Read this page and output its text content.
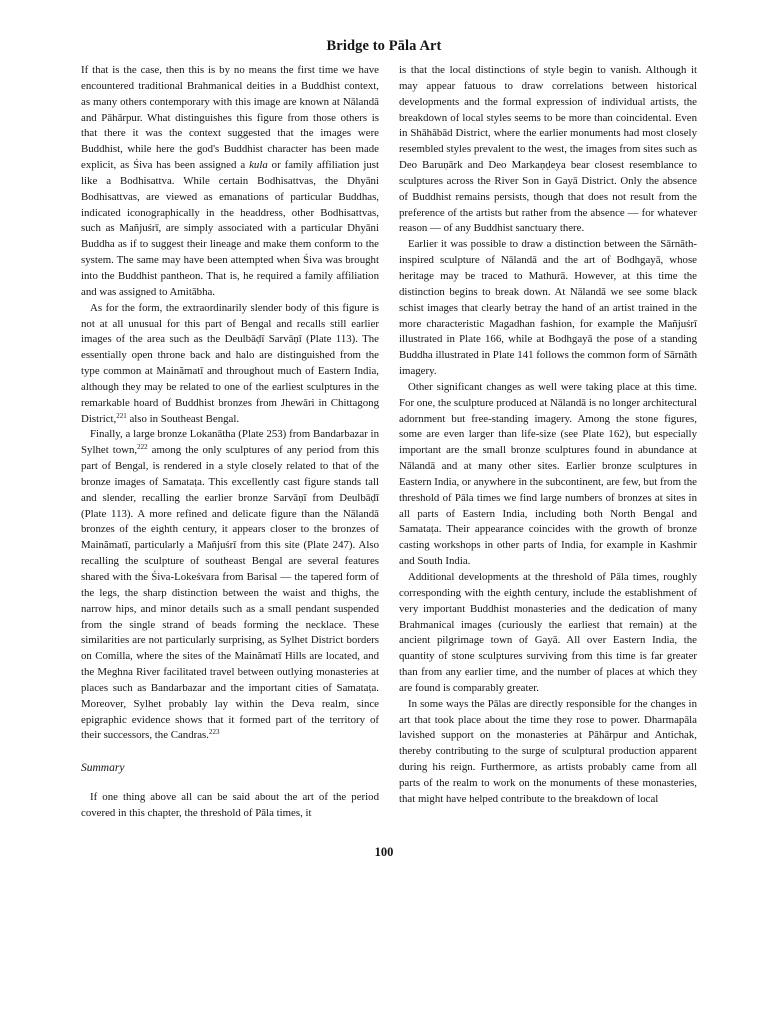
Bridge to Pāla Art

If that is the case, then this is by no means the first time we have encountered traditional Brahmanical deities in a Buddhist context, as many others contemporary with this image are known at Nālandā and Pāhārpur. What distinguishes this figure from those others is that there it was the context suggested that the images were Buddhist, while here the god's Buddhist character has been made explicit, as Śiva has been assigned a kula or family affiliation just like a Bodhisattva. While certain Bodhisattvas, the Dhyāni Bodhisattvas, are viewed as emanations of particular Buddhas, indicated iconographically in the headdress, other Bodhisattvas, such as Mañjuśrī, are simply associated with a particular Dhyāni Buddha as if to suggest their lineage and make them conform to the system. The same may have been attempted when Śiva was brought into the Buddhist pantheon. That is, he required a family affiliation and was assigned to Amitābha.

As for the form, the extraordinarily slender body of this figure is not at all unusual for this part of Bengal and recalls still earlier images of the area such as the Deulbāḍī Sarvāṇī (Plate 113). The essentially open throne back and halo are distinguished from the type common at Mainămatī and throughout much of Eastern India, although they may be related to one of the earliest sculptures in the remarkable hoard of Buddhist bronzes from Jhewāri in Chittagong District,$^{221}$ also in Southeast Bengal.

Finally, a large bronze Lokanātha (Plate 253) from Bandarbazar in Sylhet town,$^{222}$ among the only sculptures of any period from this part of Bengal, is rendered in a style closely related to that of the bronze images of Samataṭa. This excellently cast figure stands tall and slender, recalling the earlier bronze Sarvāṇī from Deulbāḍī (Plate 113). A more refined and delicate figure than the Nālandā bronzes of the eighth century, it appears closer to the bronzes of Mainămatī, particularly a Mañjuśrī from this site (Plate 247). Also recalling the sculpture of southeast Bengal are several features shared with the Śiva-Lokeśvara from Barisal — the tapered form of the legs, the sharp distinction between the waist and thighs, the narrow hips, and minor details such as a small pendant suspended from the single strand of beads forming the necklace. These similarities are not particularly surprising, as Sylhet District borders on Comilla, where the sites of the Mainămatī Hills are located, and the Meghna River facilitated travel between outlying monasteries at places such as Bandarbazar and the important cities of Samataṭa. Moreover, Sylhet probably lay within the Deva realm, since epigraphic evidence shows that it formed part of the territory of their successors, the Candras.$^{223}$

Summary

If one thing above all can be said about the art of the period covered in this chapter, the threshold of Pāla times, it

is that the local distinctions of style begin to vanish. Although it may appear fatuous to draw correlations between historical developments and the formal expression of individual artists, the breakdown of local styles seems to be more than coincidental. Even in Shāhābād District, where the earlier monuments had most closely resembled styles prevalent to the west, the images from sites such as Deo Baruṇārk and Deo Markaṇḍeya bear closest resemblance to sculptures across the River Son in Gayā District. Only the absence of Buddhist remains persists, though that does not result from the preference of the artists but rather from the absence — for whatever reason — of any Buddhist sanctuary there.

Earlier it was possible to draw a distinction between the Sārnāth-inspired sculpture of Nālandā and the art of Bodhgayā, whose heritage may be traced to Mathurā. However, at this time the distinction begins to break down. At Nālandā we see some black schist images that clearly betray the hand of an artist trained in the more characteristic Magadhan fashion, for example the Mañjuśrī illustrated in Plate 166, while at Bodhgayā the pose of a standing Buddha illustrated in Plate 141 follows the common form of Sārnāth imagery.

Other significant changes as well were taking place at this time. For one, the sculpture produced at Nālandā is no longer architectural adornment but free-standing imagery. Among the stone figures, some are even larger than life-size (see Plate 162), but especially important are the small bronze sculptures found in abundance at Nālandā and at many other sites. Earlier bronze sculptures in Eastern India, or anywhere in the subcontinent, are few, but from the threshold of Pāla times we find large numbers of bronzes at sites in all parts of Eastern India, including both North Bengal and Samataṭa. Their appearance coincides with the growth of bronze casting workshops in other parts of India, for example in Kashmir and South India.

Additional developments at the threshold of Pāla times, roughly corresponding with the eighth century, include the establishment of very important Buddhist monasteries and the dedication of many Brahmanical images (curiously the earliest that remain) at the ancient pilgrimage town of Gayā. All over Eastern India, the quantity of stone sculptures surviving from this time is far greater than from any earlier time, and the number of places at which they are found is comparably greater.

In some ways the Pālas are directly responsible for the changes in art that took place about the time they rose to power. Dharmapāla lavished support on the monasteries at Pāhārpur and Antichak, thereby contributing to the surge of sculptural production apparent during his reign. Furthermore, as artists probably came from all parts of the realm to work on the monuments of these monasteries, that might have helped contribute to the breakdown of local

100
